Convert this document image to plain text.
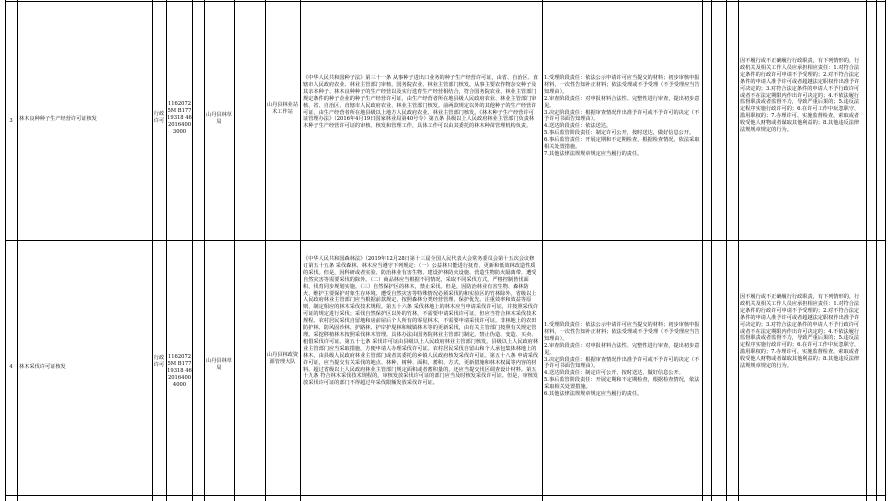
3	林木良种种子生产经营许可证核发
行政许可
11620725M B17719318 462016400 3000
山丹县林草局
山丹县林业站术工作站
《中华人民共和国种子法》第三十一条 从事种子进出口业务的种子生产经营许可证，由省、自治区、直辖市人民政府农业、林业主管部门审核，国务院农业、林业主管部门核发。从事主要农作物杂交种子及其亲本种子、林木良种种子的生产经营以及实行选育生产经营相结合，符合国务院农业、林业主管部门规定条件的种子企业的种子生产经营许可证，由生产经营者所在地县级人民政府农业、林业主管部门审核，省、自治区、直辖市人民政府农业、林业主管部门核发。前两款规定以外的其他种子的生产经营许可证，由生产经营者所在地县级以上地方人民政府农业、林业主管部门核发。《林木种子生产经营许可证管理办法》（2016年4月19日国家林业局第40号令）第五条 县级以上人民政府林业主管部门负责林木种子生产经营许可证的审核、核发和管理工作，具体工作可以由其委托的林木种苗管理机构负责。
1.受理阶段责任：依法公示申请许可应当提交的材料；初步审核申报材料，一次性告知补正材料；依法受理或不予受理（不予受理应当告知理由）。
2.审查阶段责任：对申报材料合法性、完整性进行审查，提出初步意见。
3.决定阶段责任：根据审查情况作出准予许可或不予许可的决定（不予许可书面告知理由）。
4.送达阶段责任：依法送达。
5.事后监管阶段责任：制定许可公开，按时送达，做好信息公开。
6.事后监管责任：开展定期和不定期检查，根据检查情况，依法采取相关处置措施。
7.其他法律法规规章规定应当履行的责任。
因不履行或不正确履行行政职责，有下列情形的，行政机关及相关工作人员应承担相应责任：1.对符合法定条件的行政许可申请不予受理的；2.对不符合法定条件的申请人准予许可或者超越法定职权作出准予许可决定的；3.对符合法定条件的申请人不予行政许可或者不在法定期限内作出许可决定的；4.不依法履行监督职责或者监督不力，导致严重后果的；5.违反法定程序实施行政许可的；6.在许可工作中玩忽职守、滥用职权的；7.办理许可、实施监督检查，索取或者收受他人财物或者谋取其他利益的；8.其他违反法律法规规章规定的行为。
4	林木采伐许可证核发
行政许可
11620725M B17719318 462016400 4000
山丹县林草局
山丹县林政资源管理大队
《中华人民共和国森林法》（2019年12月28日第十三届全国人民代表大会常务委员会第十五次会议修订第五十五条 采伐森林、林木应当遵守下列规定：（一）公益林只能进行抚育、更新和低效林改造性质的采伐。但是，因科研或者实验、防治林业有害生物、建设护林防火设施、营造生物防火隔离带、遭受自然灾害等需要采伐的除外。（二）商品林应当根据不同情况，采取不同采伐方式，严格控制皆伐面积，伐育同步规划实施。（三）自然保护区的林木，禁止采伐。但是，因防治林业有害生物、森林防火、维护主要保护对象生存环境、遭受自然灾害等特殊情况必须采伐的和实验区的竹林除外。省级以上人民政府林业主管部门应当根据前款规定，按照森林分类经营管理、保护优先、注重效率和效益等原则，制定相应的林木采伐技术规程。第五十六条 采伐林地上的林木应当申请采伐许可证，并按照采伐许可证的规定进行采伐；采伐自然保护区以外的竹林，不需要申请采伐许可证，但应当符合林木采伐技术规程。农村居民采伐自留地和房前屋后个人所有的零星林木，不需要申请采伐许可证。非林地上的农田防护林、防风固沙林、护路林、护岸护堤林和城镇林木等的更新采伐，由有关主管部门按照有关规定管理。采挖移植林木按照采伐林木管理。具体办法由国务院林业主管部门制定。禁止伪造、变造、买卖、租借采伐许可证。第五十七条 采伐许可证由县级以上人民政府林业主管部门核发。县级以上人民政府林业主管部门应当采取措施，方便申请人办理采伐许可证。农村居民采伐自留山和个人承包集体林地上的林木，由县级人民政府林业主管部门或者其委托的乡镇人民政府核发采伐许可证。第五十八条 申请采伐许可证，应当提交有关采伐的地点、林种、树种、面积、蓄积、方式、更新措施和林木权属等内容的材料。超过省级以上人民政府林业主管部门规定面积或者蓄积量的，还应当提交伐区调查设计材料。第五十九条 符合林木采伐技术规程的，审核发放采伐许可证的部门应当及时核发采伐许可证。但是，审核发放采伐许可证的部门不得超过年采伐限额发放采伐许可证。
1.受理阶段责任：依法公示申请许可应当提交的材料；初步审核申报材料，一次性告知补正材料；依法受理或不予受理（不予受理应当告知理由）。
2.审查阶段责任：对申报材料合法性、完整性进行审查，提出初步意见。
3.决定阶段责任：根据审查情况作出准予许可或不予许可的决定（不予许可书面告知理由）。
4.送达阶段责任：制定许可公开，按时送达，做好信息公开。
5.事后监管阶段责任：开展定期和不定期检查，根据检查情况，依法采取相关处置措施。
6.其他法律法规规章规定应当履行的责任。
因不履行或不正确履行行政职责，有下列情形的，行政机关及相关工作人员应承担相应责任：1.对符合法定条件的行政许可申请不予受理的；2.对不符合法定条件的申请人准予许可或者超越法定职权作出准予许可决定的；3.对符合法定条件的申请人不予行政许可或者不在法定期限内作出许可决定的；4.不依法履行监督职责或者监督不力，导致严重后果的；5.违反法定程序实施行政许可的；6.在许可工作中玩忽职守、滥用职权的；7.办理许可、实施监督检查，索取或者收受他人财物或者谋取其他利益的；8.其他违反法律法规规章规定的行为。
